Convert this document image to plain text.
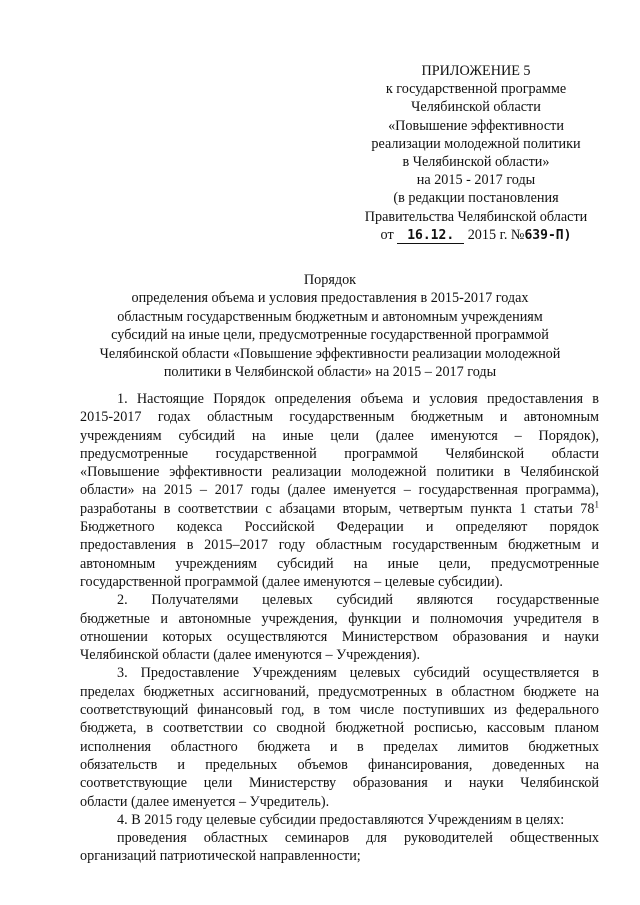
ПРИЛОЖЕНИЕ 5
к государственной программе
Челябинской области
«Повышение эффективности
реализации молодежной политики
в Челябинской области»
на 2015 - 2017 годы
(в редакции постановления
Правительства Челябинской области
от 16.12. 2015 г. №639-П)
Порядок
определения объема и условия предоставления в 2015-2017 годах
областным государственным бюджетным и автономным учреждениям
субсидий на иные цели, предусмотренные государственной программой
Челябинской области «Повышение эффективности реализации молодежной
политики в Челябинской области» на 2015 – 2017 годы
1. Настоящие Порядок определения объема и условия предоставления в
2015-2017 годах областным государственным бюджетным и автономным
учреждениям субсидий на иные цели (далее именуются – Порядок),
предусмотренные государственной программой Челябинской области
«Повышение эффективности реализации молодежной политики в Челябинской
области» на 2015 – 2017 годы (далее именуется – государственная программа),
разработаны в соответствии с абзацами вторым, четвертым пункта 1 статьи $78^1$
Бюджетного кодекса Российской Федерации и определяют порядок
предоставления в 2015–2017 году областным государственным бюджетным и
автономным учреждениям субсидий на иные цели, предусмотренные
государственной программой (далее именуются – целевые субсидии).
2. Получателями целевых субсидий являются государственные
бюджетные и автономные учреждения, функции и полномочия учредителя в
отношении которых осуществляются Министерством образования и науки
Челябинской области (далее именуются – Учреждения).
3. Предоставление Учреждениям целевых субсидий осуществляется в
пределах бюджетных ассигнований, предусмотренных в областном бюджете на
соответствующий финансовый год, в том числе поступивших из федерального
бюджета, в соответствии со сводной бюджетной росписью, кассовым планом
исполнения областного бюджета и в пределах лимитов бюджетных
обязательств и предельных объемов финансирования, доведенных на
соответствующие цели Министерству образования и науки Челябинской
области (далее именуется – Учредитель).
4. В 2015 году целевые субсидии предоставляются Учреждениям в целях:
проведения областных семинаров для руководителей общественных
организаций патриотической направленности;
